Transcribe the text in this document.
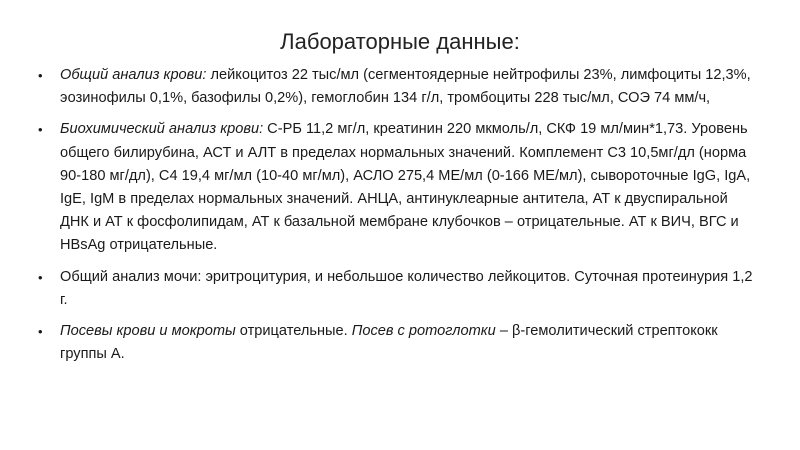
Лабораторные данные:
• Общий анализ крови: лейкоцитоз 22 тыс/мл (сегментоядерные нейтрофилы 23%, лимфоциты 12,3%, эозинофилы 0,1%, базофилы 0,2%), гемоглобин 134 г/л, тромбоциты 228 тыс/мл, СОЭ 74 мм/ч,
• Биохимический анализ крови: С-РБ 11,2 мг/л, креатинин 220 мкмоль/л, СКФ 19 мл/мин*1,73. Уровень общего билирубина, АСТ и АЛТ в пределах нормальных значений. Комплемент С3 10,5мг/дл (норма 90-180 мг/дл), С4 19,4 мг/мл (10-40 мг/мл), АСЛО 275,4 МЕ/мл (0-166 МЕ/мл), сывороточные IgG, IgA, IgE, IgM в пределах нормальных значений. АНЦА, антинуклеарные антитела, АТ к двуспиральной ДНК и АТ к фосфолипидам, АТ к базальной мембране клубочков – отрицательные. АТ к ВИЧ, ВГС и HBsAg отрицательные.
• Общий анализ мочи: эритроцитурия, и небольшое количество лейкоцитов. Суточная протеинурия 1,2 г.
• Посевы крови и мокроты отрицательные. Посев с ротоглотки – β-гемолитический стрептококк группы А.
